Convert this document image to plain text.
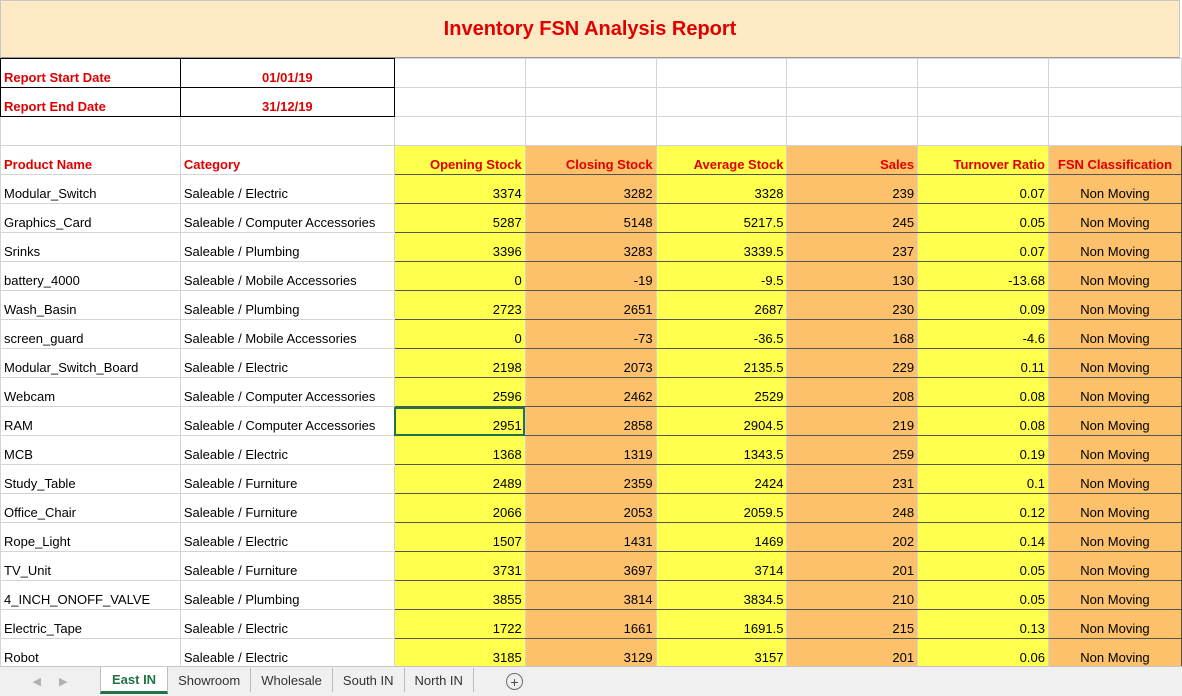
Inventory FSN Analysis Report
Report Start Date	01/01/19						
Report End Date	31/12/19						

Product Name	Category	Opening Stock	Closing Stock	Average Stock	Sales	Turnover Ratio	FSN Classification
Modular_Switch	Saleable / Electric	3374	3282	3328	239	0.07	Non Moving
Graphics_Card	Saleable / Computer Accessories	5287	5148	5217.5	245	0.05	Non Moving
Srinks	Saleable / Plumbing	3396	3283	3339.5	237	0.07	Non Moving
battery_4000	Saleable / Mobile Accessories	0	-19	-9.5	130	-13.68	Non Moving
Wash_Basin	Saleable / Plumbing	2723	2651	2687	230	0.09	Non Moving
screen_guard	Saleable / Mobile Accessories	0	-73	-36.5	168	-4.6	Non Moving
Modular_Switch_Board	Saleable / Electric	2198	2073	2135.5	229	0.11	Non Moving
Webcam	Saleable / Computer Accessories	2596	2462	2529	208	0.08	Non Moving
RAM	Saleable / Computer Accessories	2951	2858	2904.5	219	0.08	Non Moving
MCB	Saleable / Electric	1368	1319	1343.5	259	0.19	Non Moving
Study_Table	Saleable / Furniture	2489	2359	2424	231	0.1	Non Moving
Office_Chair	Saleable / Furniture	2066	2053	2059.5	248	0.12	Non Moving
Rope_Light	Saleable / Electric	1507	1431	1469	202	0.14	Non Moving
TV_Unit	Saleable / Furniture	3731	3697	3714	201	0.05	Non Moving
4_INCH_ONOFF_VALVE	Saleable / Plumbing	3855	3814	3834.5	210	0.05	Non Moving
Electric_Tape	Saleable / Electric	1722	1661	1691.5	215	0.13	Non Moving
Robot	Saleable / Electric	3185	3129	3157	201	0.06	Non Moving
◀ ▶	East IN	Showroom	Wholesale	South IN	North IN	+
